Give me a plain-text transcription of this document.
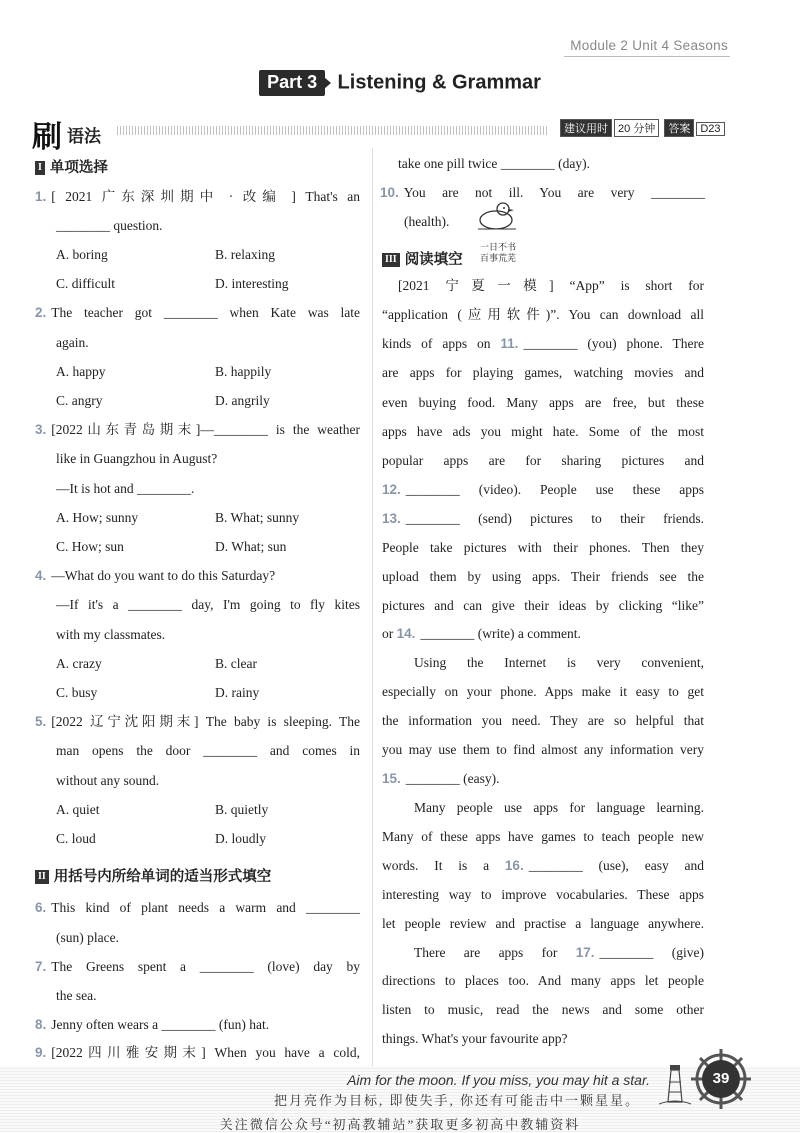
Module 2 Unit 4 Seasons
Part 3 Listening & Grammar
刷 语法	建议用时 20 分钟 答案 D23
I 单项选择
1. [ 2021 广东深圳期中 · 改编 ] That's an
________ question.
A. boring	B. relaxing
C. difficult	D. interesting
2. The teacher got ________ when Kate was late
again.
A. happy	B. happily
C. angry	D. angrily
3. [2022山东青岛期末]—________ is the weather
like in Guangzhou in August?
—It is hot and ________.
A. How; sunny	B. What; sunny
C. How; sun	D. What; sun
4. —What do you want to do this Saturday?
—If it's a ________ day, I'm going to fly kites
with my classmates.
A. crazy	B. clear
C. busy	D. rainy
5. [2022 辽宁沈阳期末] The baby is sleeping. The
man opens the door ________ and comes in
without any sound.
A. quiet	B. quietly
C. loud	D. loudly
II 用括号内所给单词的适当形式填空
6. This kind of plant needs a warm and ________
(sun) place.
7. The Greens spent a ________ (love) day by
the sea.
8. Jenny often wears a ________ (fun) hat.
9. [2022四川雅安期末] When you have a cold,
take one pill twice ________ (day).
10. You are not ill. You are very ________
(health).
一日不书
百事荒芜
III 阅读填空
[2021 宁夏一模] “App” is short for
“application (应用软件)”. You can download all
kinds of apps on 11. ________ (you) phone. There
are apps for playing games, watching movies and
even buying food. Many apps are free, but these
apps have ads you might hate. Some of the most
popular apps are for sharing pictures and
12. ________ (video). People use these apps
13. ________ (send) pictures to their friends.
People take pictures with their phones. Then they
upload them by using apps. Their friends see the
pictures and can give their ideas by clicking “like”
or 14. ________ (write) a comment.
Using the Internet is very convenient,
especially on your phone. Apps make it easy to get
the information you need. They are so helpful that
you may use them to find almost any information very
15. ________ (easy).
Many people use apps for language learning.
Many of these apps have games to teach people new
words. It is a 16. ________ (use), easy and
interesting way to improve vocabularies. These apps
let people review and practise a language anywhere.
There are apps for 17. ________ (give)
directions to places too. And many apps let people
listen to music, read the news and some other
things. What's your favourite app?
Aim for the moon. If you miss, you may hit a star.
把月亮作为目标, 即使失手, 你还有可能击中一颗星星。
39
关注微信公众号“初高教辅站”获取更多初高中教辅资料
